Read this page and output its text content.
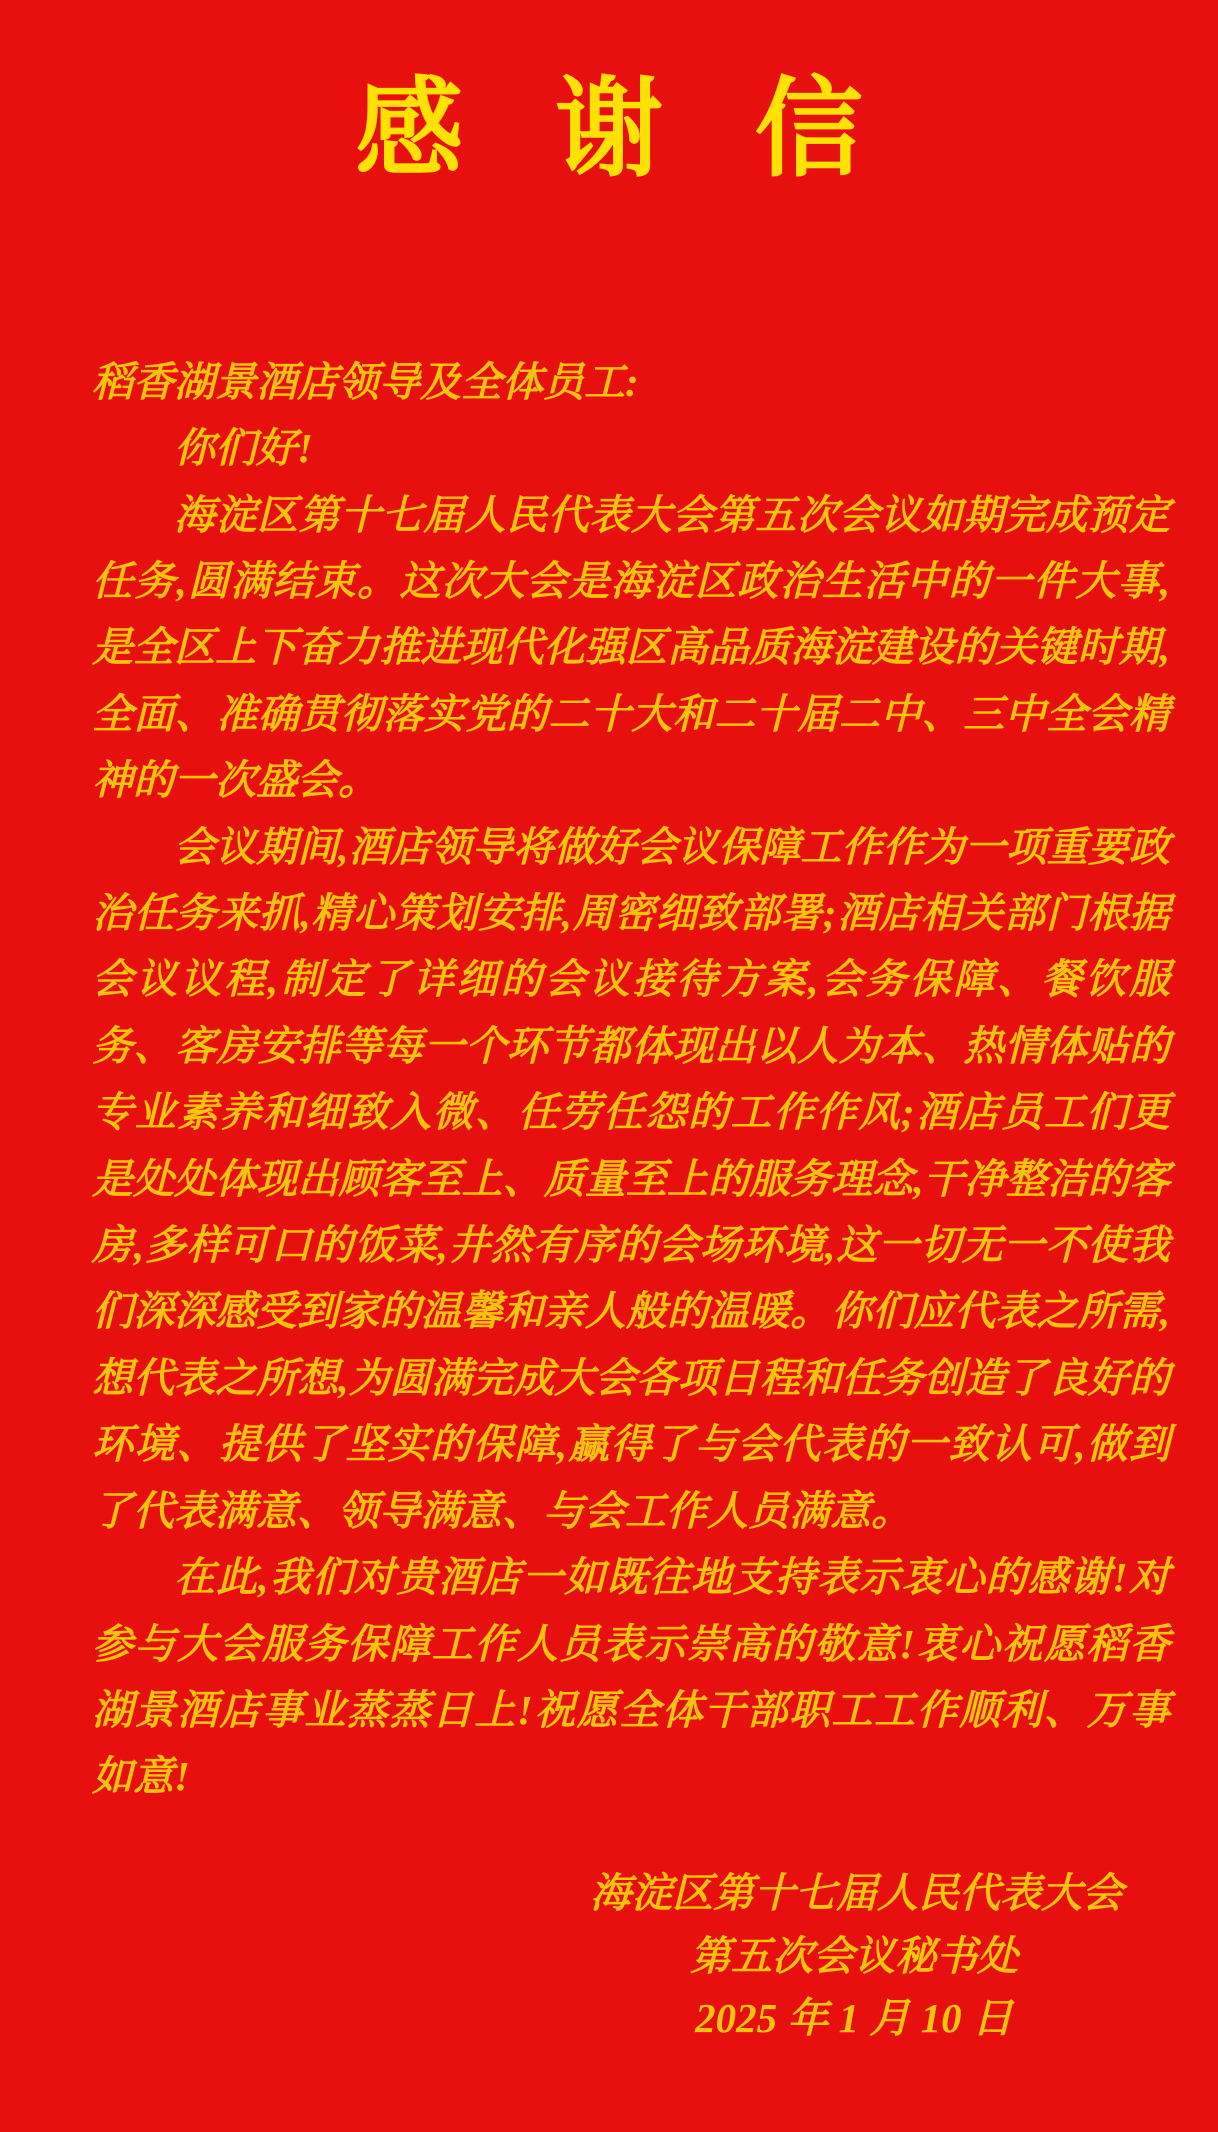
感谢信

稻香湖景酒店领导及全体员工:

你们好!

海淀区第十七届人民代表大会第五次会议如期完成预定任务,圆满结束。这次大会是海淀区政治生活中的一件大事,是全区上下奋力推进现代化强区高品质海淀建设的关键时期,全面、准确贯彻落实党的二十大和二十届二中、三中全会精神的一次盛会。

会议期间,酒店领导将做好会议保障工作作为一项重要政治任务来抓,精心策划安排,周密细致部署;酒店相关部门根据会议议程,制定了详细的会议接待方案,会务保障、餐饮服务、客房安排等每一个环节都体现出以人为本、热情体贴的专业素养和细致入微、任劳任怨的工作作风;酒店员工们更是处处体现出顾客至上、质量至上的服务理念,干净整洁的客房,多样可口的饭菜,井然有序的会场环境,这一切无一不使我们深深感受到家的温馨和亲人般的温暖。你们应代表之所需,想代表之所想,为圆满完成大会各项日程和任务创造了良好的环境、提供了坚实的保障,赢得了与会代表的一致认可,做到了代表满意、领导满意、与会工作人员满意。

在此,我们对贵酒店一如既往地支持表示衷心的感谢!对参与大会服务保障工作人员表示崇高的敬意!衷心祝愿稻香湖景酒店事业蒸蒸日上!祝愿全体干部职工工作顺利、万事如意!

海淀区第十七届人民代表大会

第五次会议秘书处

2025 年 1 月 10 日
